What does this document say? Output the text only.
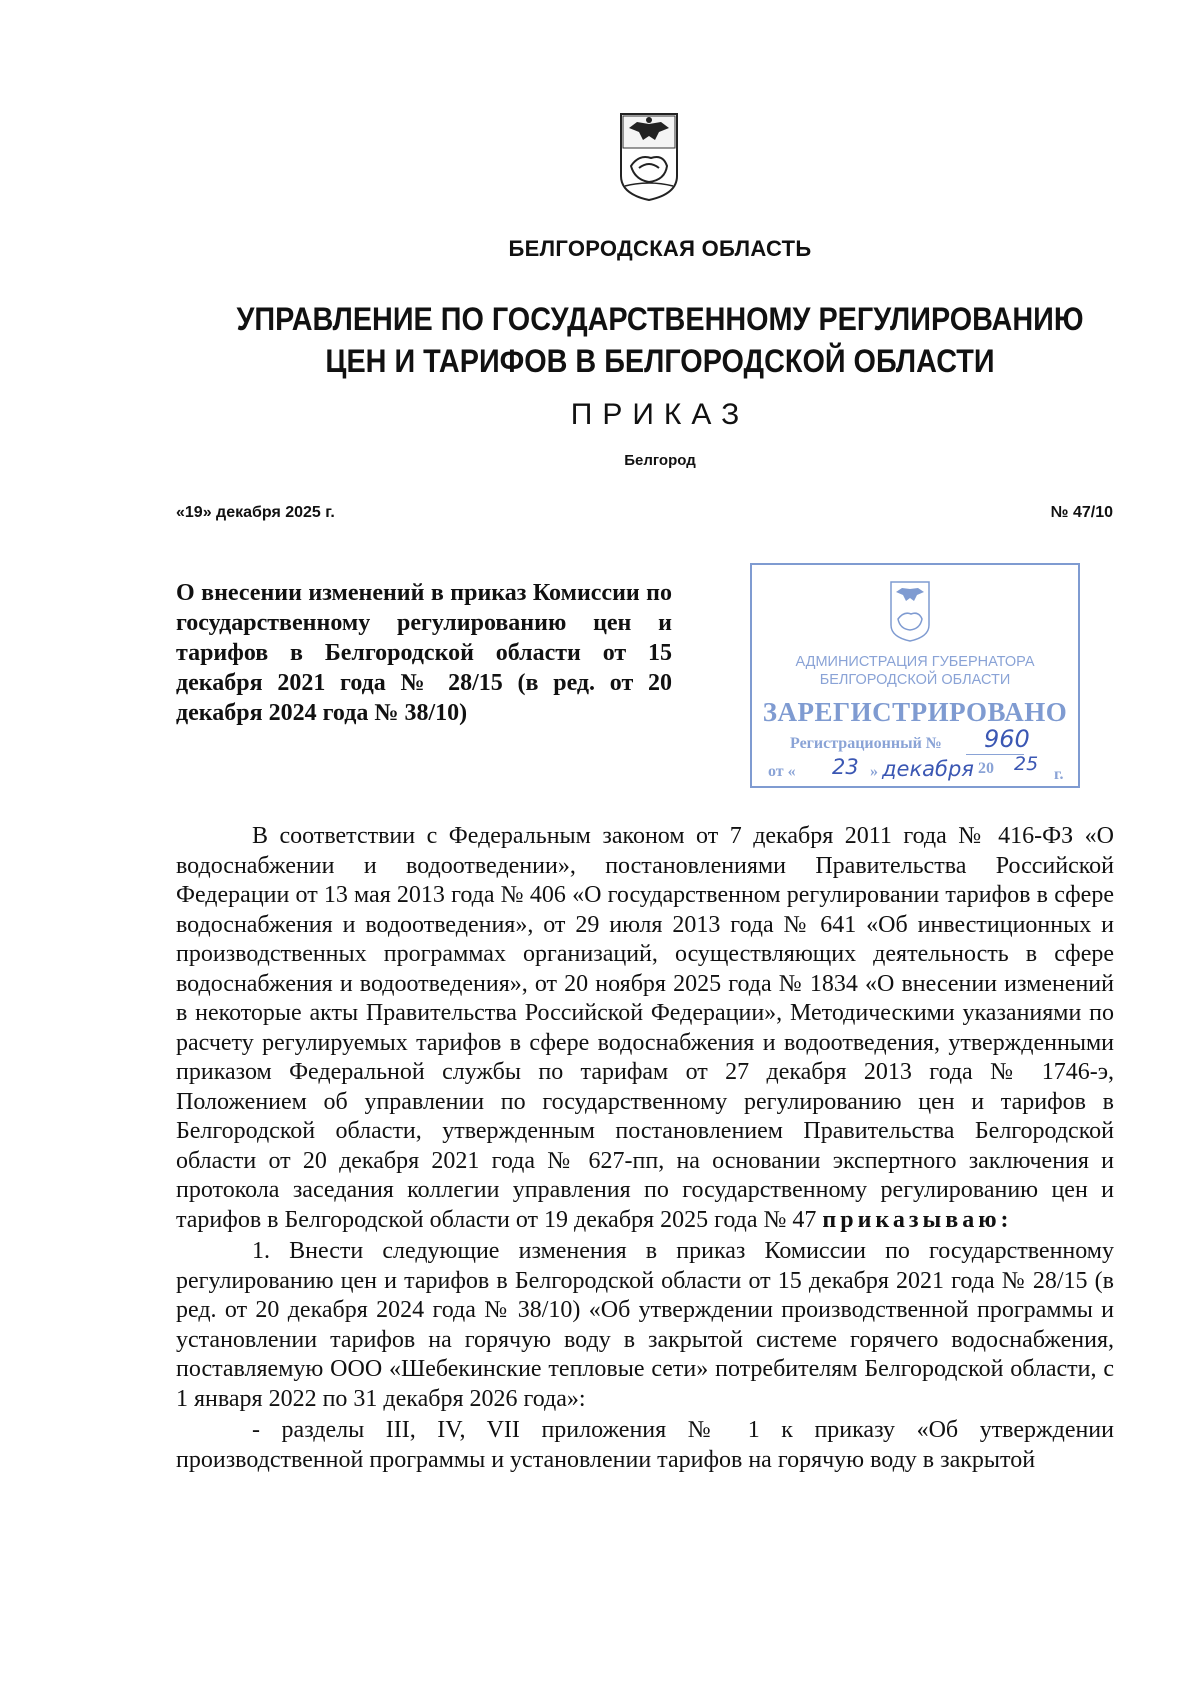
БЕЛГОРОДСКАЯ ОБЛАСТЬ
УПРАВЛЕНИЕ ПО ГОСУДАРСТВЕННОМУ РЕГУЛИРОВАНИЮ
ЦЕН И ТАРИФОВ В БЕЛГОРОДСКОЙ ОБЛАСТИ
ПРИКАЗ
Белгород
«19» декабря 2025 г.	№ 47/10
О внесении изменений в приказ Комиссии по государственному регулированию цен и тарифов в Белгородской области от 15 декабря 2021 года № 28/15 (в ред. от 20 декабря 2024 года № 38/10)
АДМИНИСТРАЦИЯ ГУБЕРНАТОРА
БЕЛГОРОДСКОЙ ОБЛАСТИ
ЗАРЕГИСТРИРОВАНО
Регистрационный № 960
от « 23 » декабря 20 25 г.

В соответствии с Федеральным законом от 7 декабря 2011 года № 416-ФЗ «О водоснабжении и водоотведении», постановлениями Правительства Российской Федерации от 13 мая 2013 года № 406 «О государственном регулировании тарифов в сфере водоснабжения и водоотведения», от 29 июля 2013 года № 641 «Об инвестиционных и производственных программах организаций, осуществляющих деятельность в сфере водоснабжения и водоотведения», от 20 ноября 2025 года № 1834 «О внесении изменений в некоторые акты Правительства Российской Федерации», Методическими указаниями по расчету регулируемых тарифов в сфере водоснабжения и водоотведения, утвержденными приказом Федеральной службы по тарифам от 27 декабря 2013 года № 1746-э, Положением об управлении по государственному регулированию цен и тарифов в Белгородской области, утвержденным постановлением Правительства Белгородской области от 20 декабря 2021 года № 627-пп, на основании экспертного заключения и протокола заседания коллегии управления по государственному регулированию цен и тарифов в Белгородской области от 19 декабря 2025 года № 47 приказываю:

1. Внести следующие изменения в приказ Комиссии по государственному регулированию цен и тарифов в Белгородской области от 15 декабря 2021 года № 28/15 (в ред. от 20 декабря 2024 года № 38/10) «Об утверждении производственной программы и установлении тарифов на горячую воду в закрытой системе горячего водоснабжения, поставляемую ООО «Шебекинские тепловые сети» потребителям Белгородской области, с 1 января 2022 по 31 декабря 2026 года»:

- разделы III, IV, VII приложения № 1 к приказу «Об утверждении производственной программы и установлении тарифов на горячую воду в закрытой
